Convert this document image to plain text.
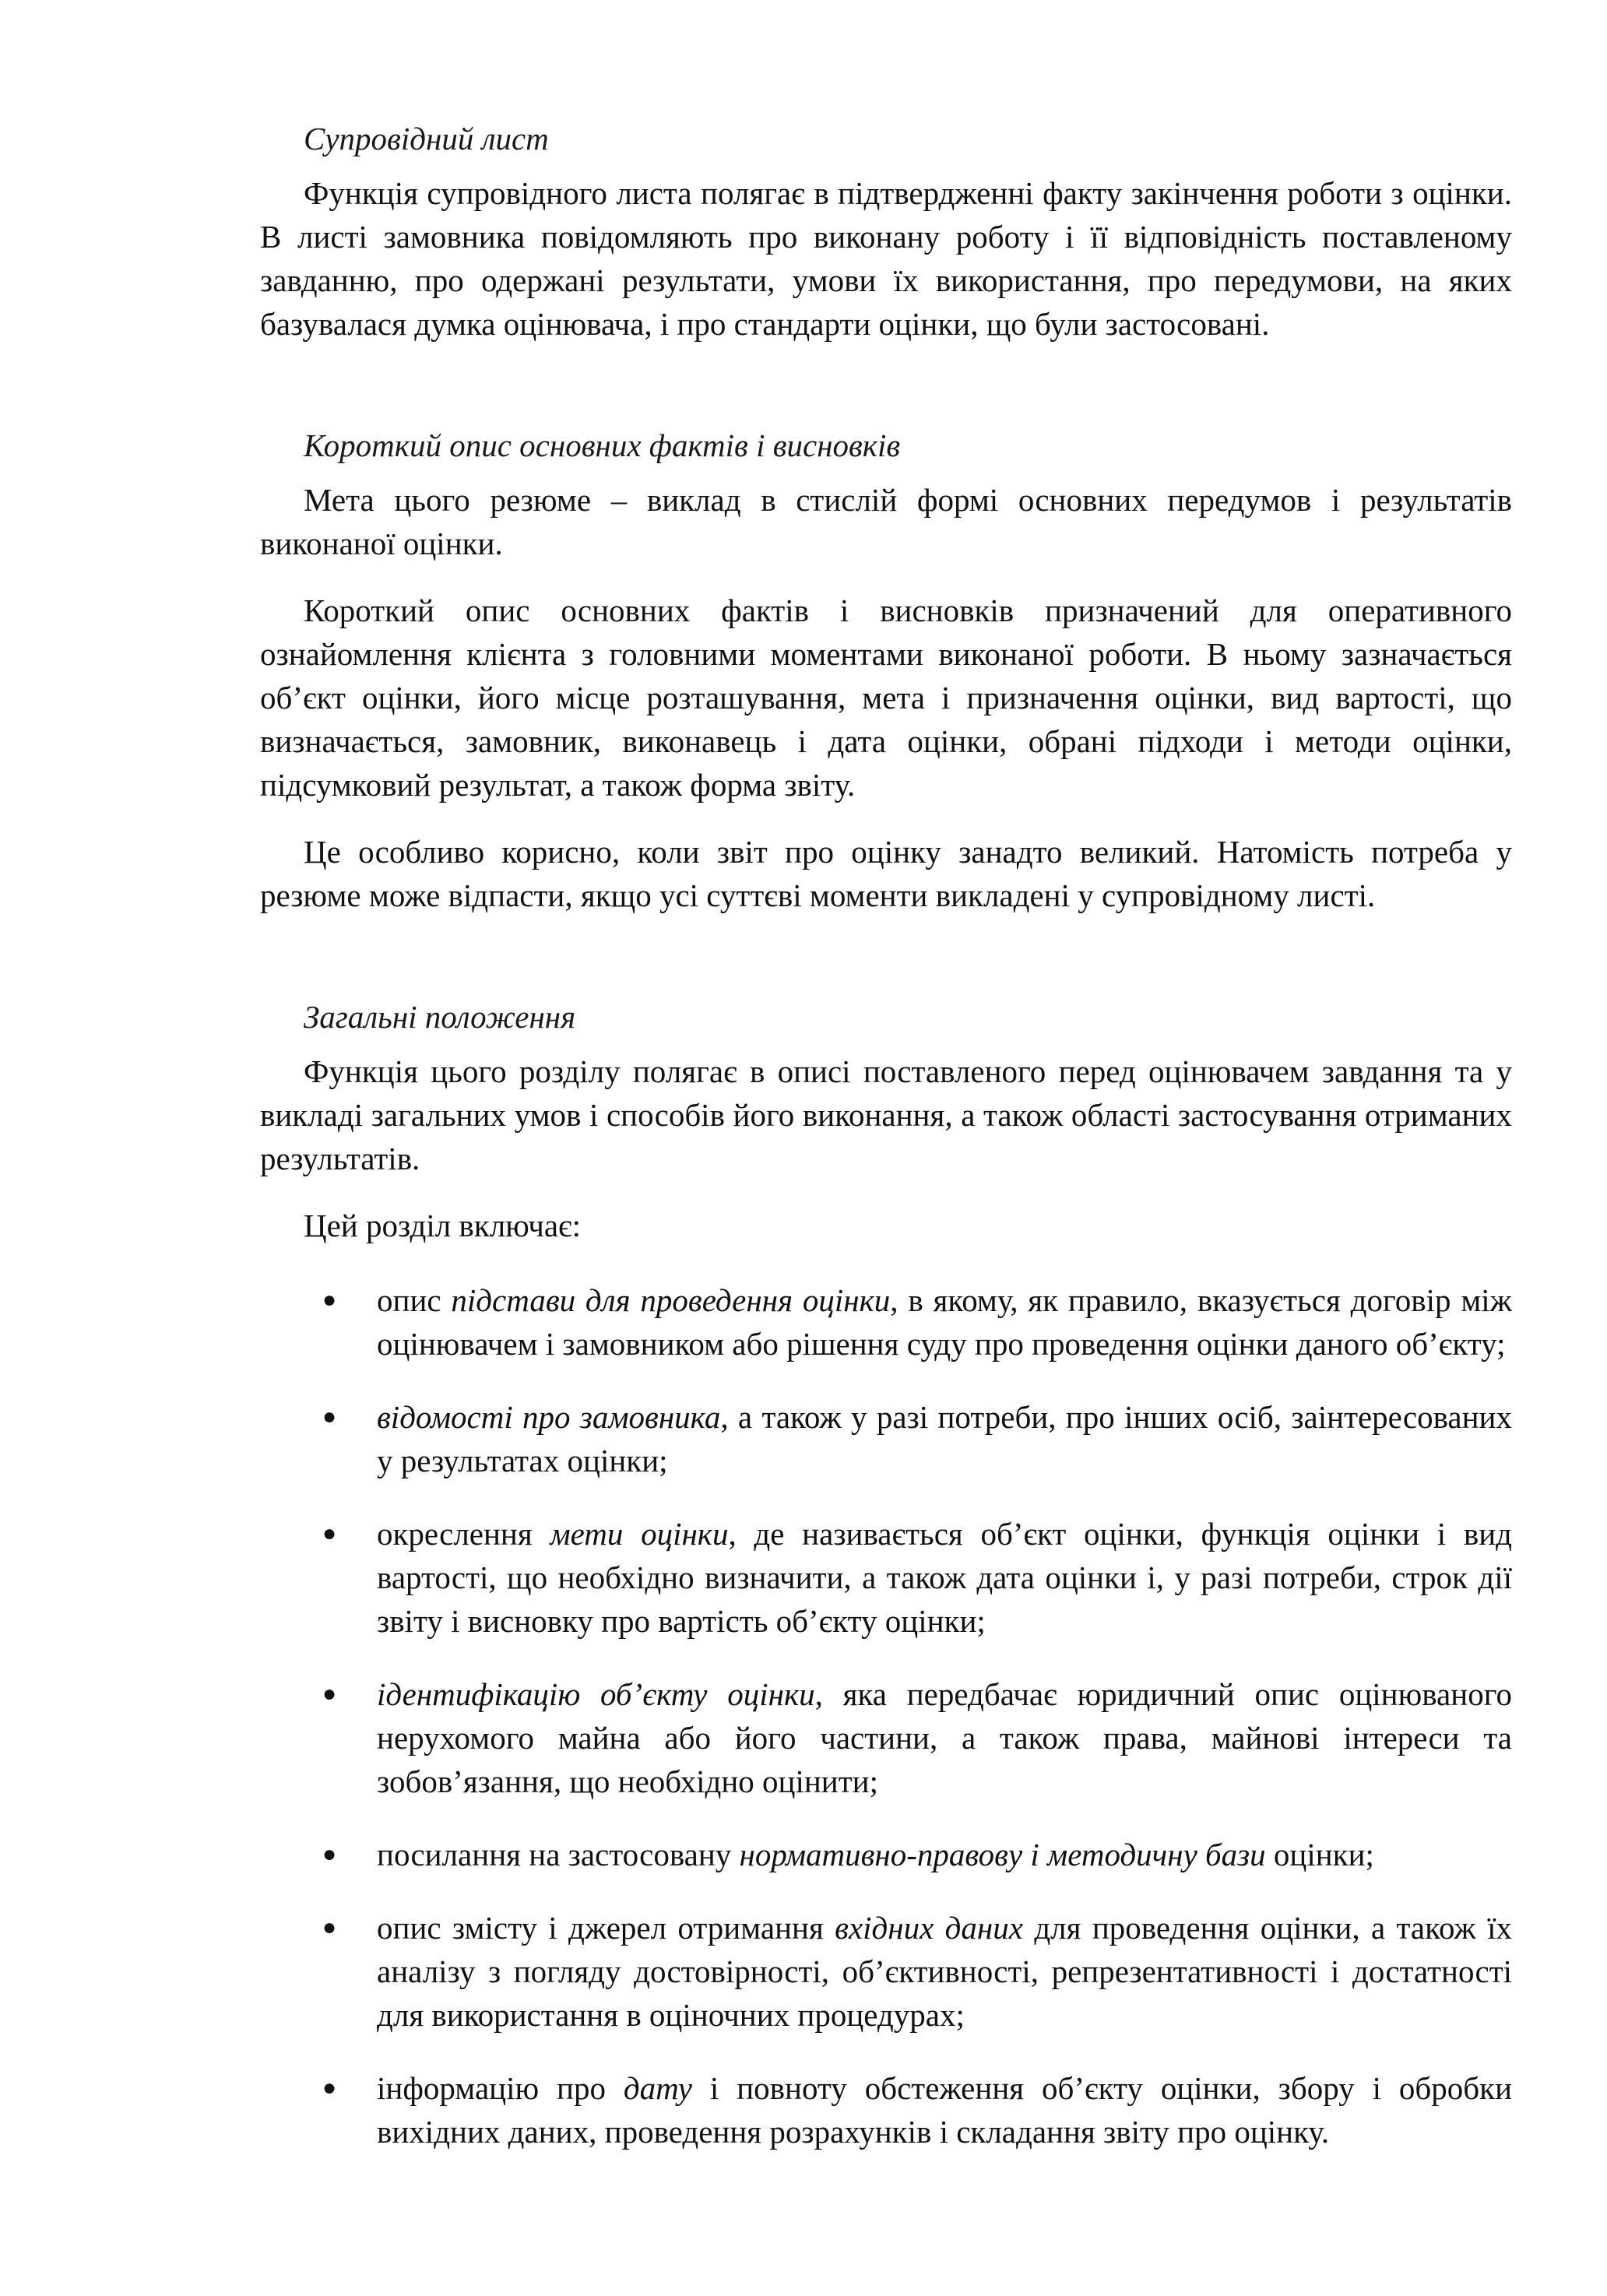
Супровідний лист

Функція супровідного листа полягає в підтвердженні факту закінчення роботи з оцінки. В листі замовника повідомляють про виконану роботу і її відповідність поставленому завданню, про одержані результати, умови їх використання, про передумови, на яких базувалася думка оцінювача, і про стандарти оцінки, що були застосовані.

Короткий опис основних фактів і висновків

Мета цього резюме – виклад в стислій формі основних передумов і результатів виконаної оцінки.

Короткий опис основних фактів і висновків призначений для оперативного ознайомлення клієнта з головними моментами виконаної роботи. В ньому зазначається об’єкт оцінки, його місце розташування, мета і призначення оцінки, вид вартості, що визначається, замовник, виконавець і дата оцінки, обрані підходи і методи оцінки, підсумковий результат, а також форма звіту.

Це особливо корисно, коли звіт про оцінку занадто великий. Натомість потреба у резюме може відпасти, якщо усі суттєві моменти викладені у супровідному листі.

Загальні положення

Функція цього розділу полягає в описі поставленого перед оцінювачем завдання та у викладі загальних умов і способів його виконання, а також області застосування отриманих результатів.

Цей розділ включає:
● опис підстави для проведення оцінки, в якому, як правило, вказується договір між оцінювачем і замовником або рішення суду про проведення оцінки даного об’єкту;
● відомості про замовника, а також у разі потреби, про інших осіб, заінтересованих у результатах оцінки;
● окреслення мети оцінки, де називається об’єкт оцінки, функція оцінки і вид вартості, що необхідно визначити, а також дата оцінки і, у разі потреби, строк дії звіту і висновку про вартість об’єкту оцінки;
● ідентифікацію об’єкту оцінки, яка передбачає юридичний опис оцінюваного нерухомого майна або його частини, а також права, майнові інтереси та зобов’язання, що необхідно оцінити;
● посилання на застосовану нормативно-правову і методичну бази оцінки;
● опис змісту і джерел отримання вхідних даних для проведення оцінки, а також їх аналізу з погляду достовірності, об’єктивності, репрезентативності і достатності для використання в оціночних процедурах;
● інформацію про дату і повноту обстеження об’єкту оцінки, збору і обробки вихідних даних, проведення розрахунків і складання звіту про оцінку.
